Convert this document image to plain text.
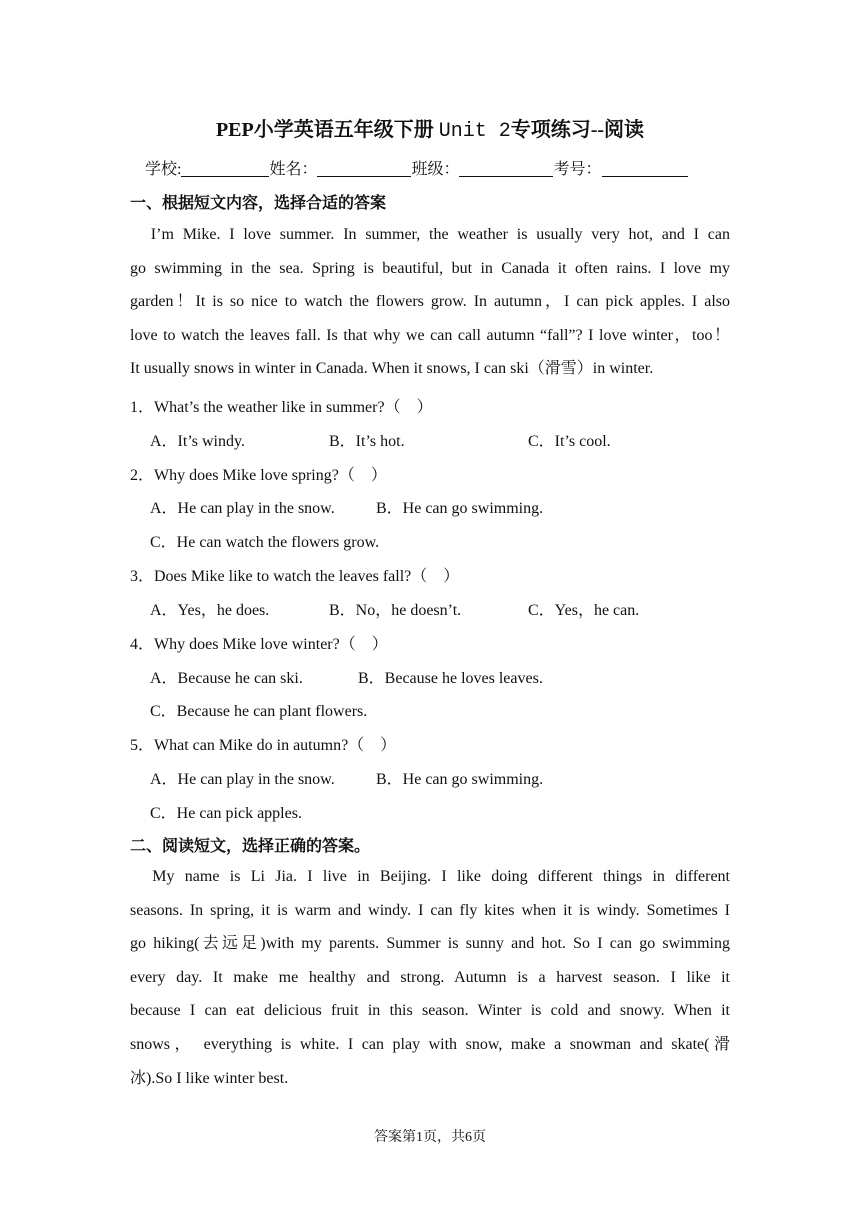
PEP小学英语五年级下册 Unit 2专项练习--阅读
学校:	姓名：	班级：	考号：
一、根据短文内容，选择合适的答案
　I’m Mike. I love summer. In summer, the weather is usually very hot, and I can
go swimming in the sea. Spring is beautiful, but in Canada it often rains. I love my
garden！It is so nice to watch the flowers grow. In autumn，I can pick apples. I also
love to watch the leaves fall. Is that why we can call autumn “fall”? I love winter，too！
It usually snows in winter in Canada. When it snows, I can ski（滑雪）in winter.
1．What’s the weather like in summer?（　）
A．It’s windy.	B．It’s hot.	C．It’s cool.
2．Why does Mike love spring?（　）
A．He can play in the snow.	B．He can go swimming.
C．He can watch the flowers grow.
3．Does Mike like to watch the leaves fall?（　）
A．Yes，he does.	B．No，he doesn’t.	C．Yes，he can.
4．Why does Mike love winter?（　）
A．Because he can ski.	B．Because he loves leaves.
C．Because he can plant flowers.
5．What can Mike do in autumn?（　）
A．He can play in the snow.	B．He can go swimming.
C．He can pick apples.
二、阅读短文，选择正确的答案。
　My name is Li Jia. I live in Beijing. I like doing different things in different
seasons. In spring, it is warm and windy. I can fly kites when it is windy. Sometimes I
go hiking(去远足)with my parents. Summer is sunny and hot. So I can go swimming
every day. It make me healthy and strong. Autumn is a harvest season. I like it
because I can eat delicious fruit in this season. Winter is cold and snowy. When it
snows， everything is white. I can play with snow, make a snowman and skate(滑
冰).So I like winter best.
答案第1页，共6页
